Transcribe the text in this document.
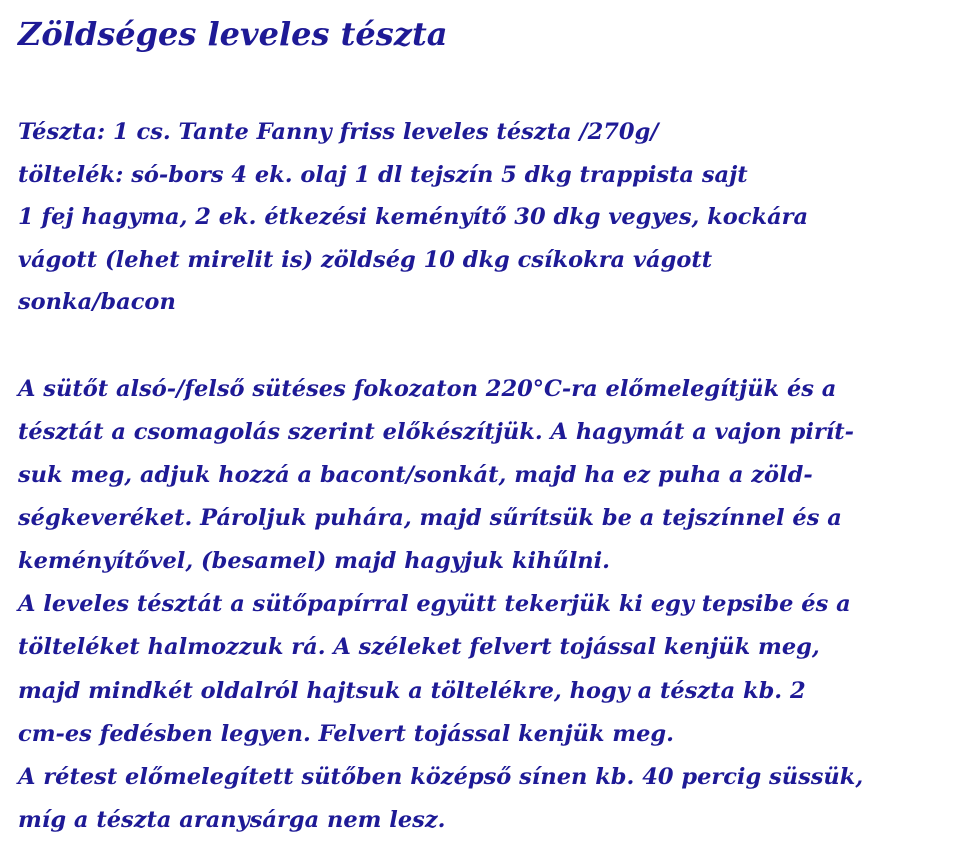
Zöldséges leveles tészta

Tészta: 1 cs. Tante Fanny friss leveles tészta /270g/

töltelék: só-bors 4 ek. olaj 1 dl tejszín 5 dkg trappista sajt

1 fej hagyma, 2 ek. étkezési keményítő 30 dkg vegyes, kockára

vágott (lehet mirelit is) zöldség 10 dkg csíkokra vágott

sonka/bacon

A sütőt alsó-/felső sütéses fokozaton 220°C-ra előmelegítjük és a

tésztát a csomagolás szerint előkészítjük. A hagymát a vajon pirít-

suk meg, adjuk hozzá a bacont/sonkát, majd ha ez puha a zöld-

ségkeveréket. Pároljuk puhára, majd sűrítsük be a tejszínnel és a

keményítővel, (besamel) majd hagyjuk kihűlni.

A leveles tésztát a sütőpapírral együtt tekerjük ki egy tepsibe és a

tölteléket halmozzuk rá. A széleket felvert tojással kenjük meg,

majd mindkét oldalról hajtsuk a töltelékre, hogy a tészta kb. 2

cm-es fedésben legyen. Felvert tojással kenjük meg.

A rétest előmelegített sütőben középső sínen kb. 40 percig süssük,

míg a tészta aranysárga nem lesz.
